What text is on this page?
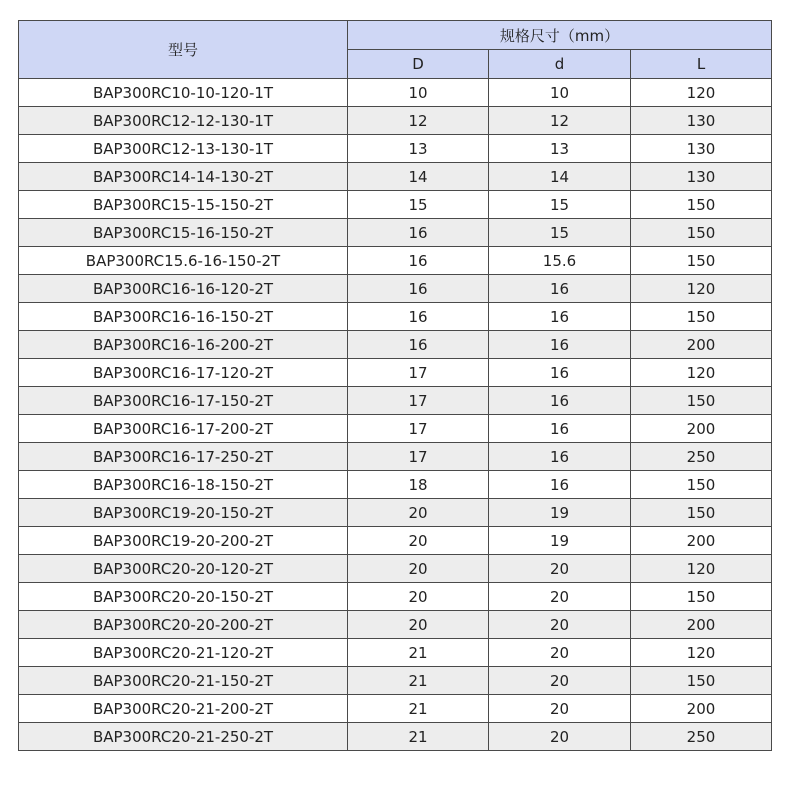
型号	规格尺寸（mm）		
	D	d	L
BAP300RC10-10-120-1T	10	10	120
BAP300RC12-12-130-1T	12	12	130
BAP300RC12-13-130-1T	13	13	130
BAP300RC14-14-130-2T	14	14	130
BAP300RC15-15-150-2T	15	15	150
BAP300RC15-16-150-2T	16	15	150
BAP300RC15.6-16-150-2T	16	15.6	150
BAP300RC16-16-120-2T	16	16	120
BAP300RC16-16-150-2T	16	16	150
BAP300RC16-16-200-2T	16	16	200
BAP300RC16-17-120-2T	17	16	120
BAP300RC16-17-150-2T	17	16	150
BAP300RC16-17-200-2T	17	16	200
BAP300RC16-17-250-2T	17	16	250
BAP300RC16-18-150-2T	18	16	150
BAP300RC19-20-150-2T	20	19	150
BAP300RC19-20-200-2T	20	19	200
BAP300RC20-20-120-2T	20	20	120
BAP300RC20-20-150-2T	20	20	150
BAP300RC20-20-200-2T	20	20	200
BAP300RC20-21-120-2T	21	20	120
BAP300RC20-21-150-2T	21	20	150
BAP300RC20-21-200-2T	21	20	200
BAP300RC20-21-250-2T	21	20	250
